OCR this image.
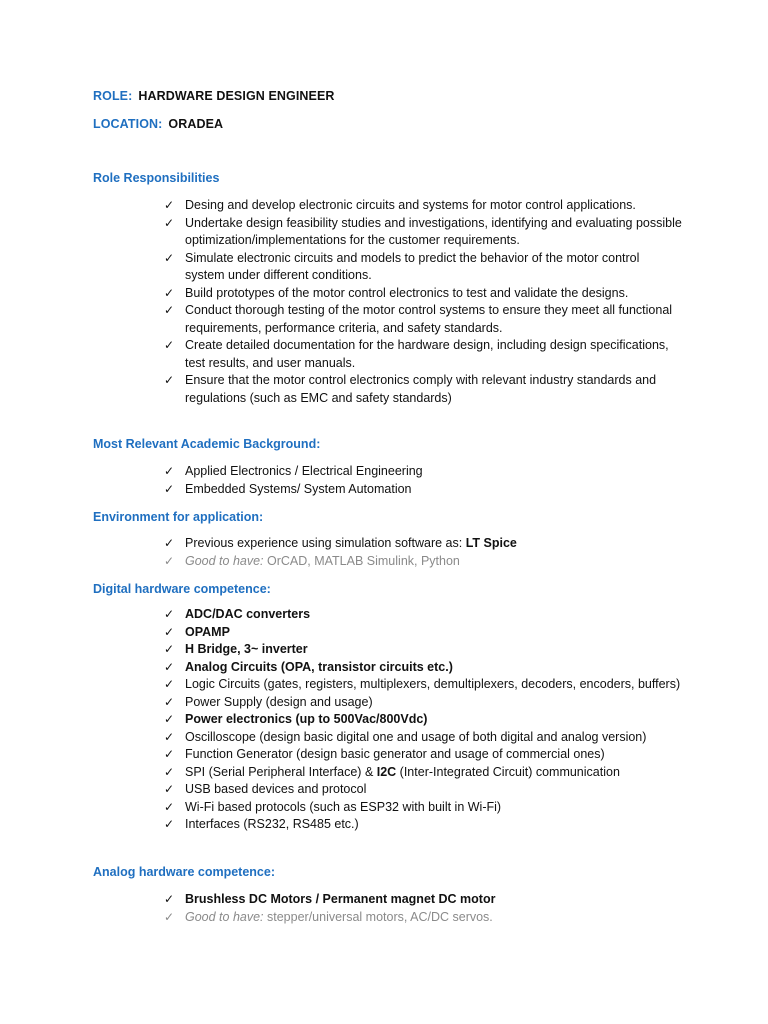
ROLE: HARDWARE DESIGN ENGINEER
LOCATION: ORADEA
Role Responsibilities
✓ Desing and develop electronic circuits and systems for motor control applications.
✓ Undertake design feasibility studies and investigations, identifying and evaluating possible optimization/implementations for the customer requirements.
✓ Simulate electronic circuits and models to predict the behavior of the motor control system under different conditions.
✓ Build prototypes of the motor control electronics to test and validate the designs.
✓ Conduct thorough testing of the motor control systems to ensure they meet all functional requirements, performance criteria, and safety standards.
✓ Create detailed documentation for the hardware design, including design specifications, test results, and user manuals.
✓ Ensure that the motor control electronics comply with relevant industry standards and regulations (such as EMC and safety standards)
Most Relevant Academic Background:
✓ Applied Electronics / Electrical Engineering
✓ Embedded Systems/ System Automation
Environment for application:
✓ Previous experience using simulation software as: LT Spice
✓ Good to have: OrCAD, MATLAB Simulink, Python
Digital hardware competence:
✓ ADC/DAC converters
✓ OPAMP
✓ H Bridge, 3~ inverter
✓ Analog Circuits (OPA, transistor circuits etc.)
✓ Logic Circuits (gates, registers, multiplexers, demultiplexers, decoders, encoders, buffers)
✓ Power Supply (design and usage)
✓ Power electronics (up to 500Vac/800Vdc)
✓ Oscilloscope (design basic digital one and usage of both digital and analog version)
✓ Function Generator (design basic generator and usage of commercial ones)
✓ SPI (Serial Peripheral Interface) & I2C (Inter-Integrated Circuit) communication
✓ USB based devices and protocol
✓ Wi-Fi based protocols (such as ESP32 with built in Wi-Fi)
✓ Interfaces (RS232, RS485 etc.)
Analog hardware competence:
✓ Brushless DC Motors / Permanent magnet DC motor
✓ Good to have: stepper/universal motors, AC/DC servos.
